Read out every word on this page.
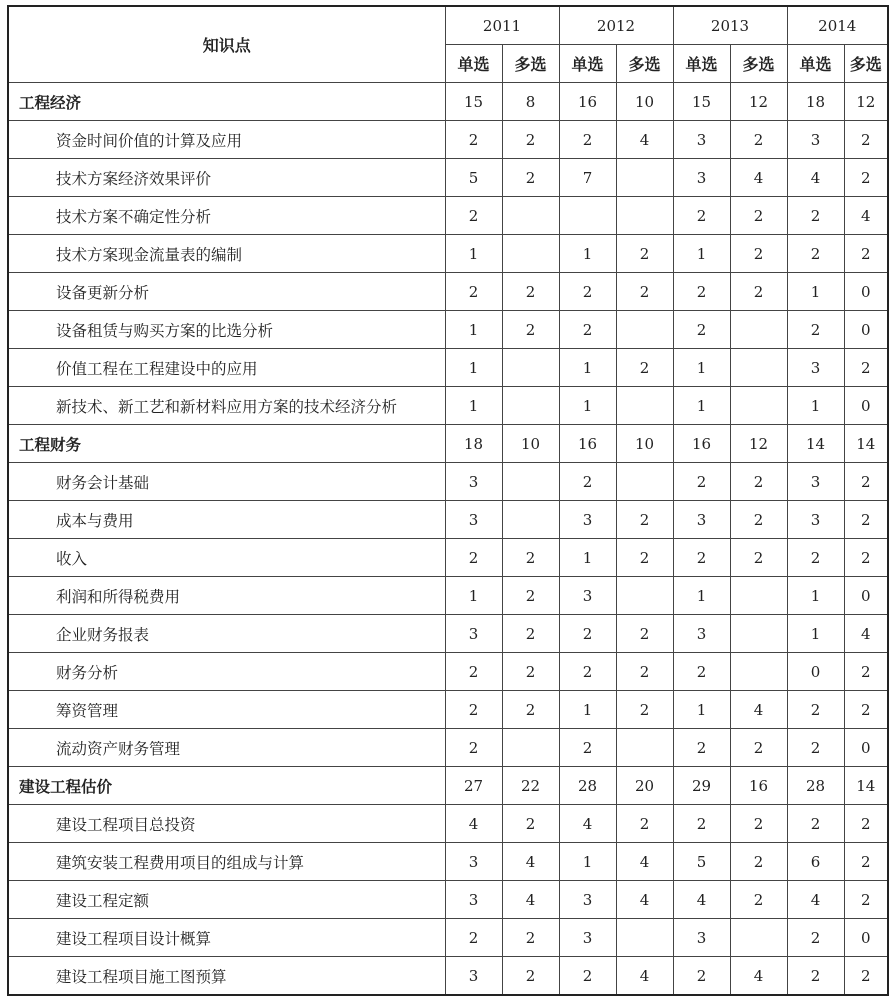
知识点	2011		2012		2013		2014	
	单选	多选	单选	多选	单选	多选	单选	多选
工程经济	15	8	16	10	15	12	18	12
资金时间价值的计算及应用	2	2	2	4	3	2	3	2
技术方案经济效果评价	5	2	7		3	4	4	2
技术方案不确定性分析	2				2	2	2	4
技术方案现金流量表的编制	1		1	2	1	2	2	2
设备更新分析	2	2	2	2	2	2	1	0
设备租赁与购买方案的比选分析	1	2	2		2		2	0
价值工程在工程建设中的应用	1		1	2	1		3	2
新技术、新工艺和新材料应用方案的技术经济分析	1		1		1		1	0
工程财务	18	10	16	10	16	12	14	14
财务会计基础	3		2		2	2	3	2
成本与费用	3		3	2	3	2	3	2
收入	2	2	1	2	2	2	2	2
利润和所得税费用	1	2	3		1		1	0
企业财务报表	3	2	2	2	3		1	4
财务分析	2	2	2	2	2		0	2
筹资管理	2	2	1	2	1	4	2	2
流动资产财务管理	2		2		2	2	2	0
建设工程估价	27	22	28	20	29	16	28	14
建设工程项目总投资	4	2	4	2	2	2	2	2
建筑安装工程费用项目的组成与计算	3	4	1	4	5	2	6	2
建设工程定额	3	4	3	4	4	2	4	2
建设工程项目设计概算	2	2	3		3		2	0
建设工程项目施工图预算	3	2	2	4	2	4	2	2
